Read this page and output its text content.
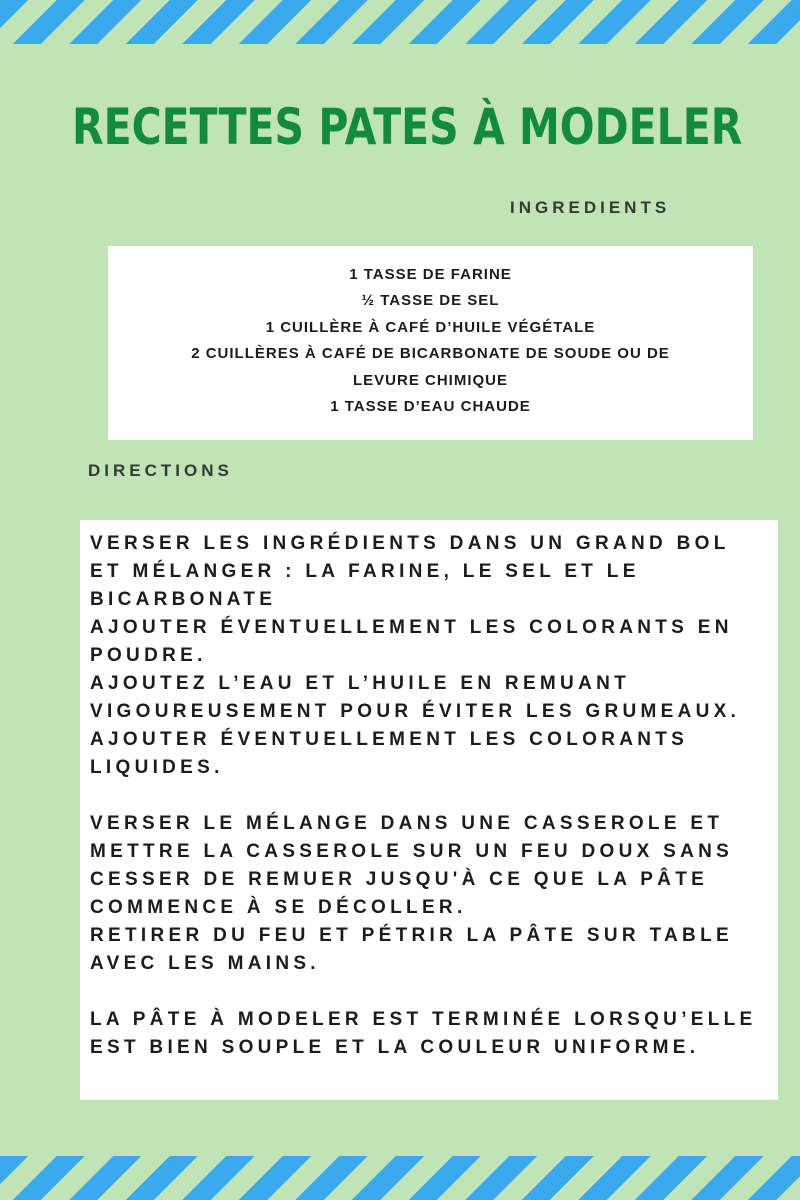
RECETTES PATES À MODELER
INGREDIENTS
1 TASSE DE FARINE
½ TASSE DE SEL
1 CUILLÈRE À CAFÉ D’HUILE VÉGÉTALE
2 CUILLÈRES À CAFÉ DE BICARBONATE DE SOUDE OU DE
LEVURE CHIMIQUE
1 TASSE D’EAU CHAUDE
DIRECTIONS
VERSER LES INGRÉDIENTS DANS UN GRAND BOL
ET MÉLANGER : LA FARINE, LE SEL ET LE
BICARBONATE
AJOUTER ÉVENTUELLEMENT LES COLORANTS EN
POUDRE.
AJOUTEZ L’EAU ET L’HUILE EN REMUANT
VIGOUREUSEMENT POUR ÉVITER LES GRUMEAUX.
AJOUTER ÉVENTUELLEMENT LES COLORANTS
LIQUIDES.
VERSER LE MÉLANGE DANS UNE CASSEROLE ET
METTRE LA CASSEROLE SUR UN FEU DOUX SANS
CESSER DE REMUER JUSQU'À CE QUE LA PÂTE
COMMENCE À SE DÉCOLLER.
RETIRER DU FEU ET PÉTRIR LA PÂTE SUR TABLE
AVEC LES MAINS.
LA PÂTE À MODELER EST TERMINÉE LORSQU’ELLE
EST BIEN SOUPLE ET LA COULEUR UNIFORME.
